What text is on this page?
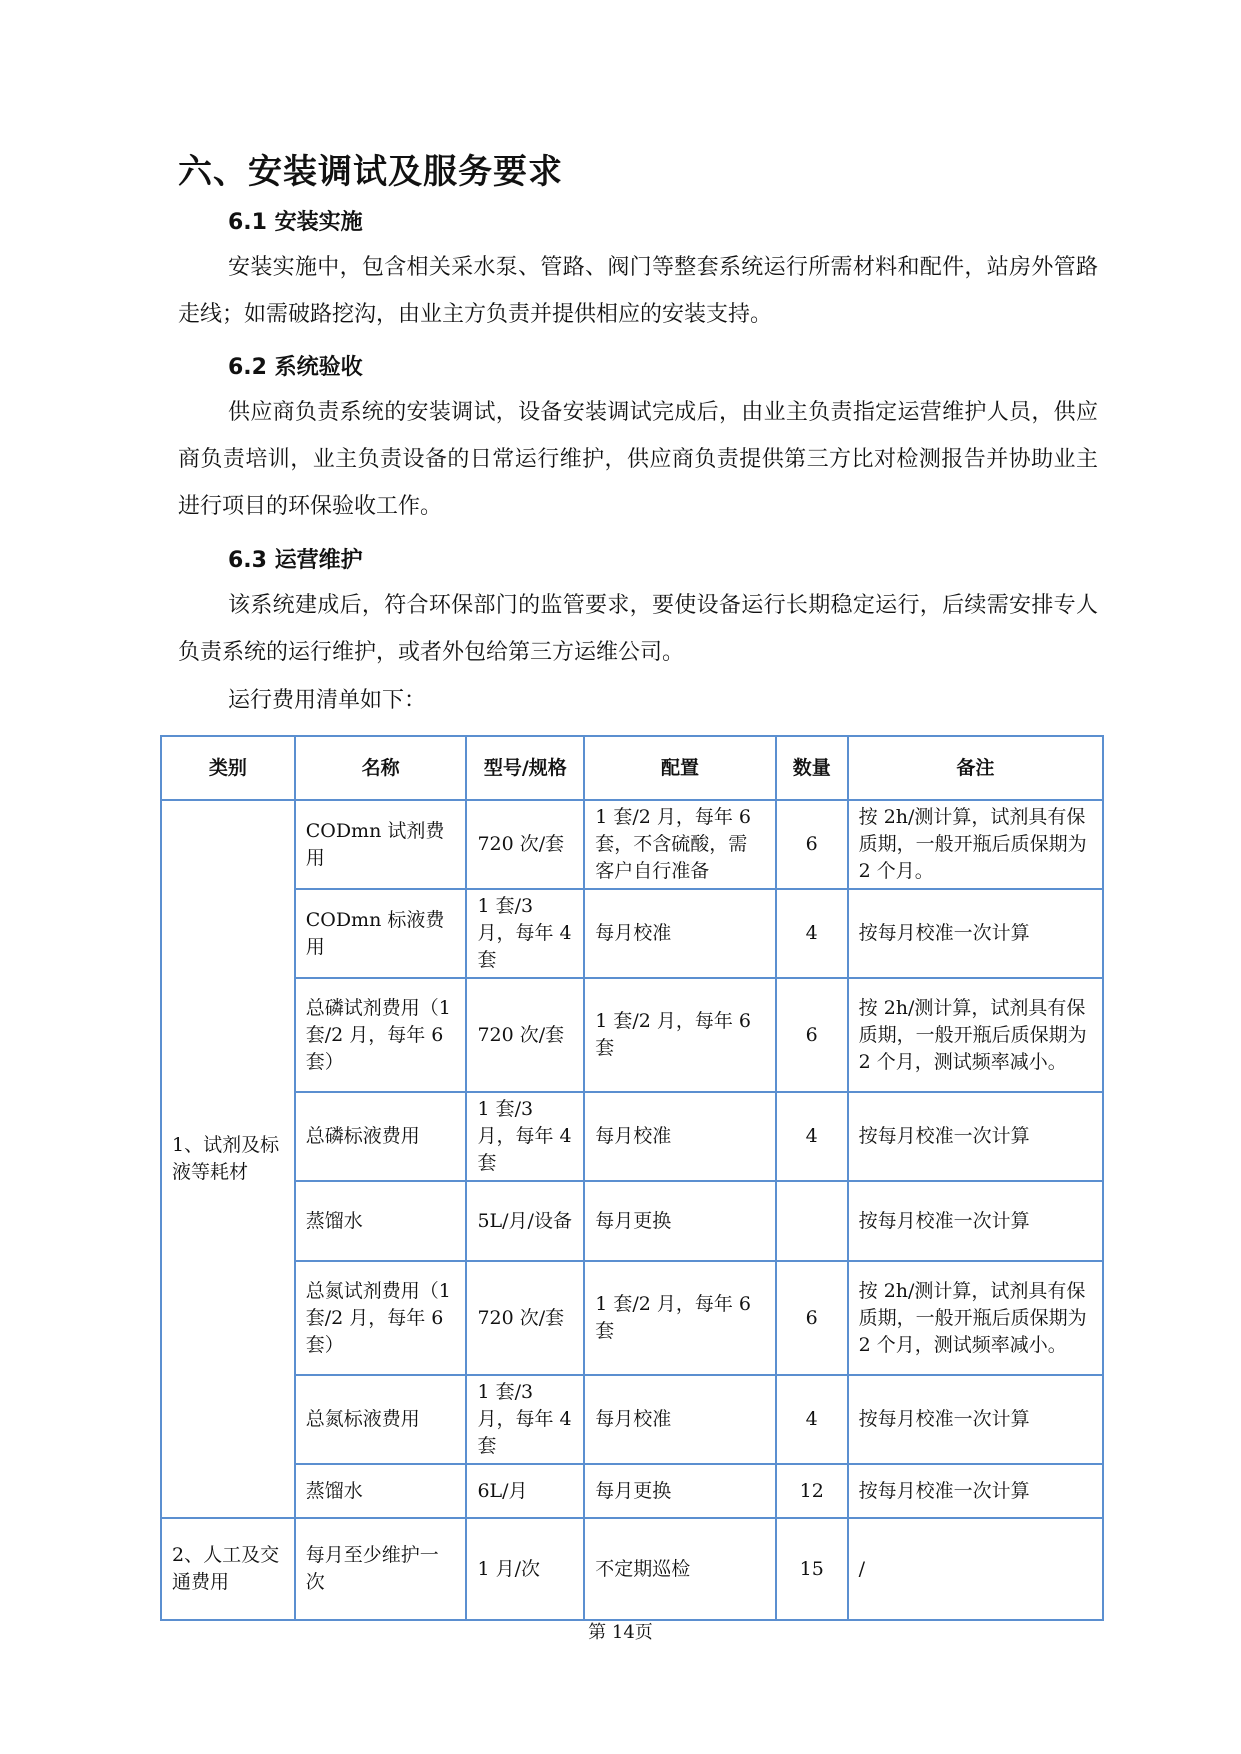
六、安装调试及服务要求
6.1 安装实施
安装实施中，包含相关采水泵、管路、阀门等整套系统运行所需材料和配件，站房外管路走线；如需破路挖沟，由业主方负责并提供相应的安装支持。
6.2 系统验收
供应商负责系统的安装调试，设备安装调试完成后，由业主负责指定运营维护人员，供应商负责培训，业主负责设备的日常运行维护，供应商负责提供第三方比对检测报告并协助业主进行项目的环保验收工作。
6.3 运营维护
该系统建成后，符合环保部门的监管要求，要使设备运行长期稳定运行，后续需安排专人负责系统的运行维护，或者外包给第三方运维公司。
运行费用清单如下：
类别	名称	型号/规格	配置	数量	备注
1、试剂及标液等耗材	CODmn 试剂费用	720 次/套	1 套/2 月，每年 6 套，不含硫酸，需客户自行准备	6	按 2h/测计算，试剂具有保质期，一般开瓶后质保期为 2 个月。
	CODmn 标液费用	1 套/3 月，每年 4 套	每月校准	4	按每月校准一次计算
	总磷试剂费用（1 套/2 月，每年 6 套）	720 次/套	1 套/2 月，每年 6 套	6	按 2h/测计算，试剂具有保质期，一般开瓶后质保期为 2 个月，测试频率减小。
	总磷标液费用	1 套/3 月，每年 4 套	每月校准	4	按每月校准一次计算
	蒸馏水	5L/月/设备	每月更换		按每月校准一次计算
	总氮试剂费用（1 套/2 月，每年 6 套）	720 次/套	1 套/2 月，每年 6 套	6	按 2h/测计算，试剂具有保质期，一般开瓶后质保期为 2 个月，测试频率减小。
	总氮标液费用	1 套/3 月，每年 4 套	每月校准	4	按每月校准一次计算
	蒸馏水	6L/月	每月更换	12	按每月校准一次计算
2、人工及交通费用	每月至少维护一次	1 月/次	不定期巡检	15	/
第 14页
